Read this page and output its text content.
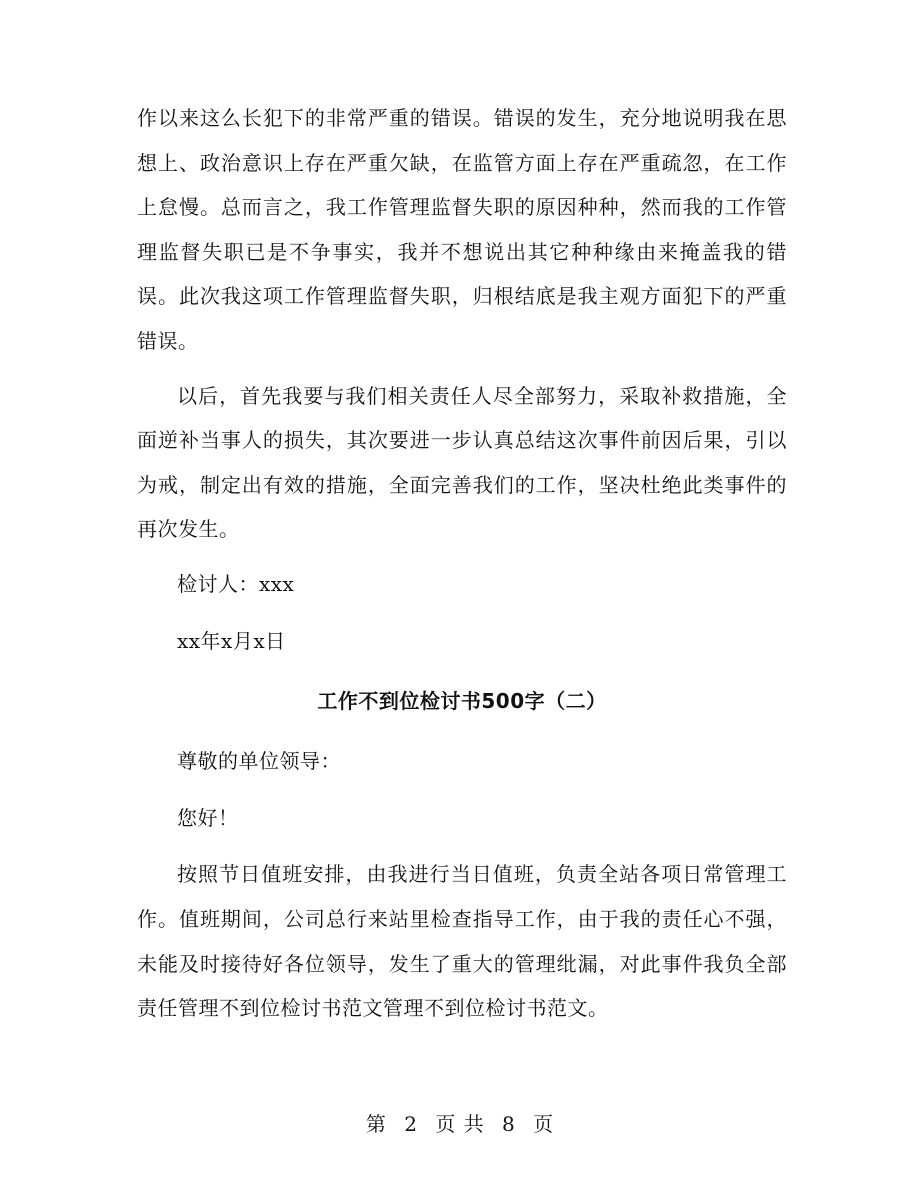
作以来这么长犯下的非常严重的错误。错误的发生，充分地说明我在思想上、政治意识上存在严重欠缺，在监管方面上存在严重疏忽，在工作上怠慢。总而言之，我工作管理监督失职的原因种种，然而我的工作管理监督失职已是不争事实，我并不想说出其它种种缘由来掩盖我的错误。此次我这项工作管理监督失职，归根结底是我主观方面犯下的严重错误。

以后，首先我要与我们相关责任人尽全部努力，采取补救措施，全面逆补当事人的损失，其次要进一步认真总结这次事件前因后果，引以为戒，制定出有效的措施，全面完善我们的工作，坚决杜绝此类事件的再次发生。

检讨人：xxx

xx年x月x日

工作不到位检讨书500字（二）

尊敬的单位领导：

您好！

按照节日值班安排，由我进行当日值班，负责全站各项日常管理工作。值班期间，公司总行来站里检查指导工作，由于我的责任心不强，未能及时接待好各位领导，发生了重大的管理纰漏，对此事件我负全部责任管理不到位检讨书范文管理不到位检讨书范文。

第 2 页 共 8 页
